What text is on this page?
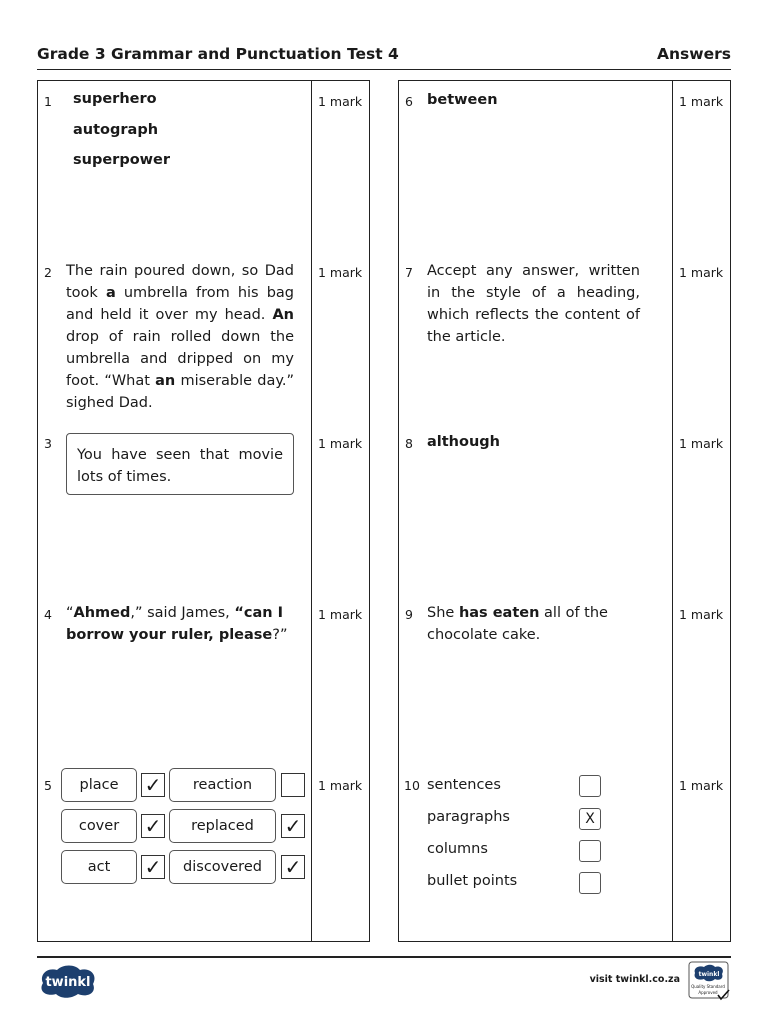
Grade 3 Grammar and Punctuation Test 4	Answers
1 superhero
autograph
superpower
1 mark
2 The rain poured down, so Dad took a umbrella from his bag and held it over my head. An drop of rain rolled down the umbrella and dripped on my foot. “What an miserable day.” sighed Dad.
1 mark
3
You have seen that movie lots of times.
1 mark
4 “Ahmed,” said James, “can I borrow your ruler, please?”
1 mark
5	place	✓	reaction
cover	✓	replaced	✓
act	✓	discovered	✓
1 mark
6 between	1 mark
7 Accept any answer, written in the style of a heading, which reflects the content of the article.
1 mark
8 although	1 mark
9 She has eaten all of the chocolate cake.
1 mark
10 sentences
paragraphs	X
columns
bullet points
1 mark
twinkl	visit twinkl.co.za	twinkl
Quality Standard
Approved
